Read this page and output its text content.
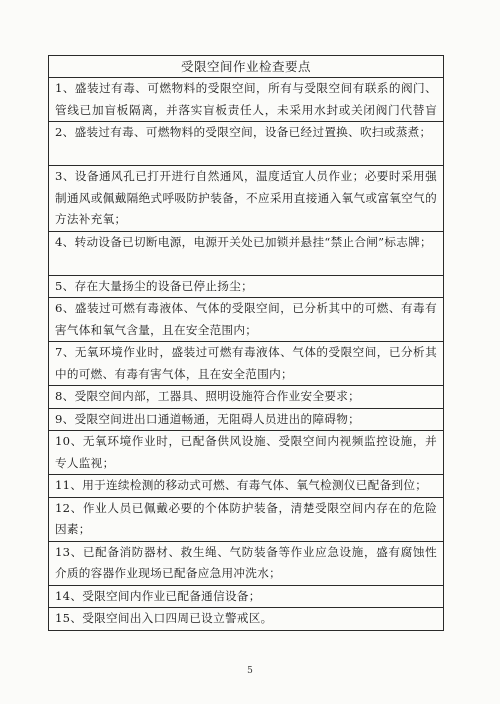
受限空间作业检查要点
1、盛装过有毒、可燃物料的受限空间，所有与受限空间有联系的阀门、管线已加盲板隔离，并落实盲板责任人，未采用水封或关闭阀门代替盲
2、盛装过有毒、可燃物料的受限空间，设备已经过置换、吹扫或蒸煮；
3、设备通风孔已打开进行自然通风，温度适宜人员作业；必要时采用强制通风或佩戴隔绝式呼吸防护装备，不应采用直接通入氧气或富氧空气的方法补充氧；
4、转动设备已切断电源，电源开关处已加锁并悬挂“禁止合闸”标志牌；
5、存在大量扬尘的设备已停止扬尘；
6、盛装过可燃有毒液体、气体的受限空间，已分析其中的可燃、有毒有害气体和氧气含量，且在安全范围内；
7、无氧环境作业时，盛装过可燃有毒液体、气体的受限空间，已分析其中的可燃、有毒有害气体，且在安全范围内；
8、受限空间内部，工器具、照明设施符合作业安全要求；
9、受限空间进出口通道畅通，无阻碍人员进出的障碍物；
10、无氧环境作业时，已配备供风设施、受限空间内视频监控设施，并专人监视；
11、用于连续检测的移动式可燃、有毒气体、氧气检测仪已配备到位；
12、作业人员已佩戴必要的个体防护装备，清楚受限空间内存在的危险因素；
13、已配备消防器材、救生绳、气防装备等作业应急设施，盛有腐蚀性介质的容器作业现场已配备应急用冲洗水；
14、受限空间内作业已配备通信设备；
15、受限空间出入口四周已设立警戒区。
5
